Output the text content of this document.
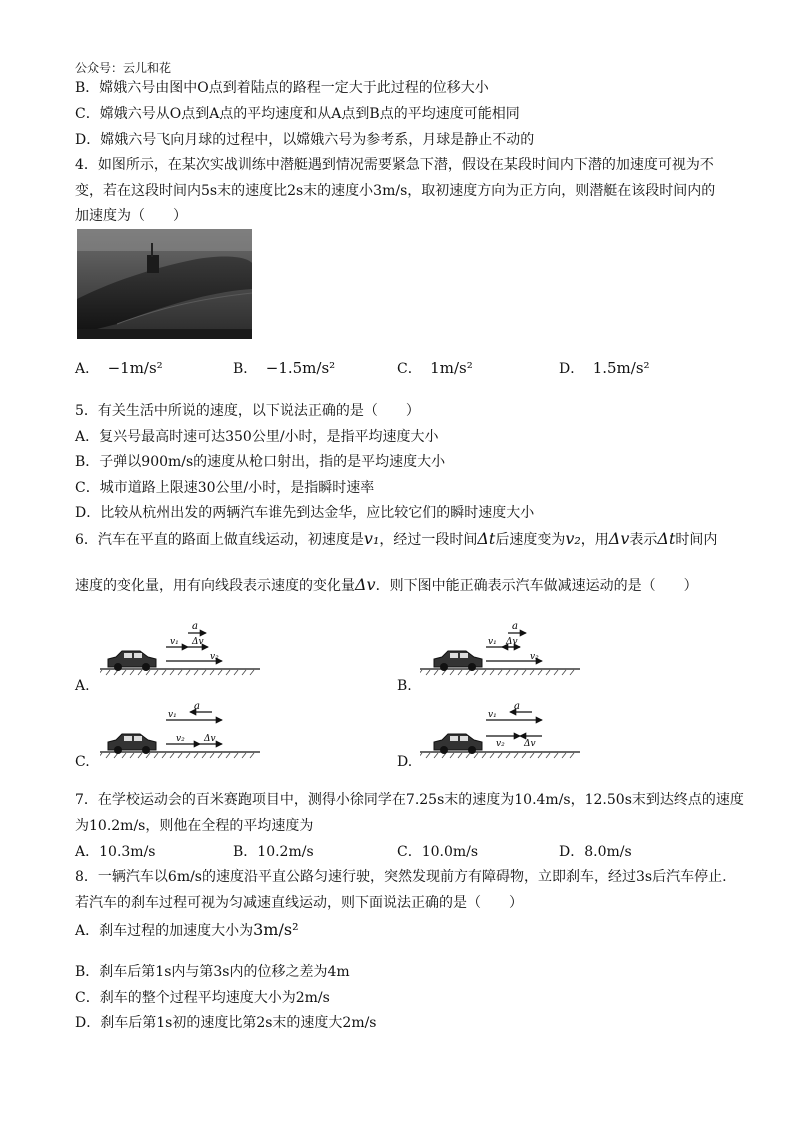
公众号：云儿和花
B．嫦娥六号由图中O点到着陆点的路程一定大于此过程的位移大小
C．嫦娥六号从O点到A点的平均速度和从A点到B点的平均速度可能相同
D．嫦娥六号飞向月球的过程中，以嫦娥六号为参考系，月球是静止不动的
4．如图所示，在某次实战训练中潜艇遇到情况需要紧急下潜，假设在某段时间内下潜的加速度可视为不
变，若在这段时间内5s末的速度比2s末的速度小3m/s，取初速度方向为正方向，则潜艇在该段时间内的
加速度为（　　）
A． −1m/s²	B． −1.5m/s²	C． 1m/s²	D． 1.5m/s²
5．有关生活中所说的速度，以下说法正确的是（　　）
A．复兴号最高时速可达350公里/小时，是指平均速度大小
B．子弹以900m/s的速度从枪口射出，指的是平均速度大小
C．城市道路上限速30公里/小时，是指瞬时速率
D．比较从杭州出发的两辆汽车谁先到达金华，应比较它们的瞬时速度大小
6．汽车在平直的路面上做直线运动，初速度是v₁，经过一段时间Δt后速度变为v₂，用Δv表示Δt时间内
速度的变化量，用有向线段表示速度的变化量Δv．则下图中能正确表示汽车做减速运动的是（　　）
A.	B.
C.	D.
a
v₁ Δv
v₂
a
v₁ Δv
v₂
v₁
a
v₂ Δv
v₁
a
v₂ Δv
7．在学校运动会的百米赛跑项目中，测得小徐同学在7.25s末的速度为10.4m/s，12.50s末到达终点的速度
为10.2m/s，则他在全程的平均速度为
A．10.3m/s	B．10.2m/s	C．10.0m/s	D．8.0m/s
8．一辆汽车以6m/s的速度沿平直公路匀速行驶，突然发现前方有障碍物，立即刹车，经过3s后汽车停止.
若汽车的刹车过程可视为匀减速直线运动，则下面说法正确的是（　　）
A．刹车过程的加速度大小为3m/s²
B．刹车后第1s内与第3s内的位移之差为4m
C．刹车的整个过程平均速度大小为2m/s
D．刹车后第1s初的速度比第2s末的速度大2m/s
